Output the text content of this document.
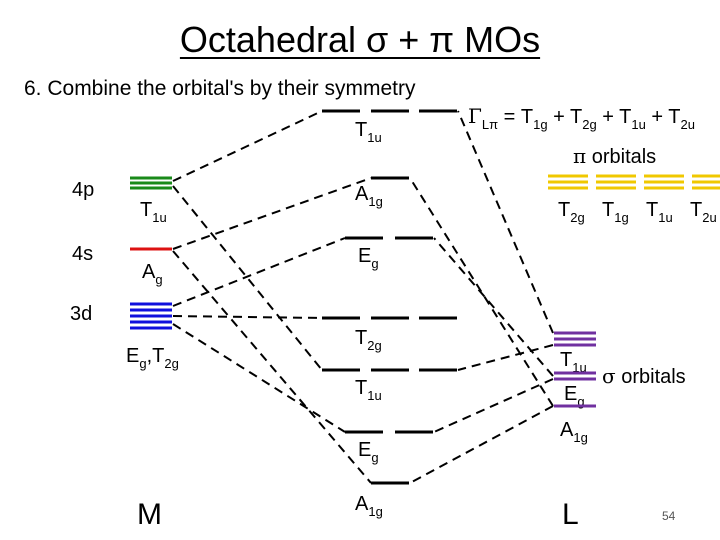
Octahedral σ + π MOs
6. Combine the orbital's by their symmetry
$\Gamma_{L\pi} = T_{1g} + T_{2g} + T_{1u} + T_{2u}$
π orbitals
4p
4s
3d
$T_{1u}$
$A_g$
$E_g,T_{2g}$
M
$T_{1u}$
$A_{1g}$
$E_g$
$T_{2g}$
$T_{1u}$
$E_g$
$A_{1g}$
$T_{2g}$ $T_{1g}$ $T_{1u}$ $T_{2u}$
$T_{1u}$
$E_g$
$A_{1g}$
σ orbitals
L	54
